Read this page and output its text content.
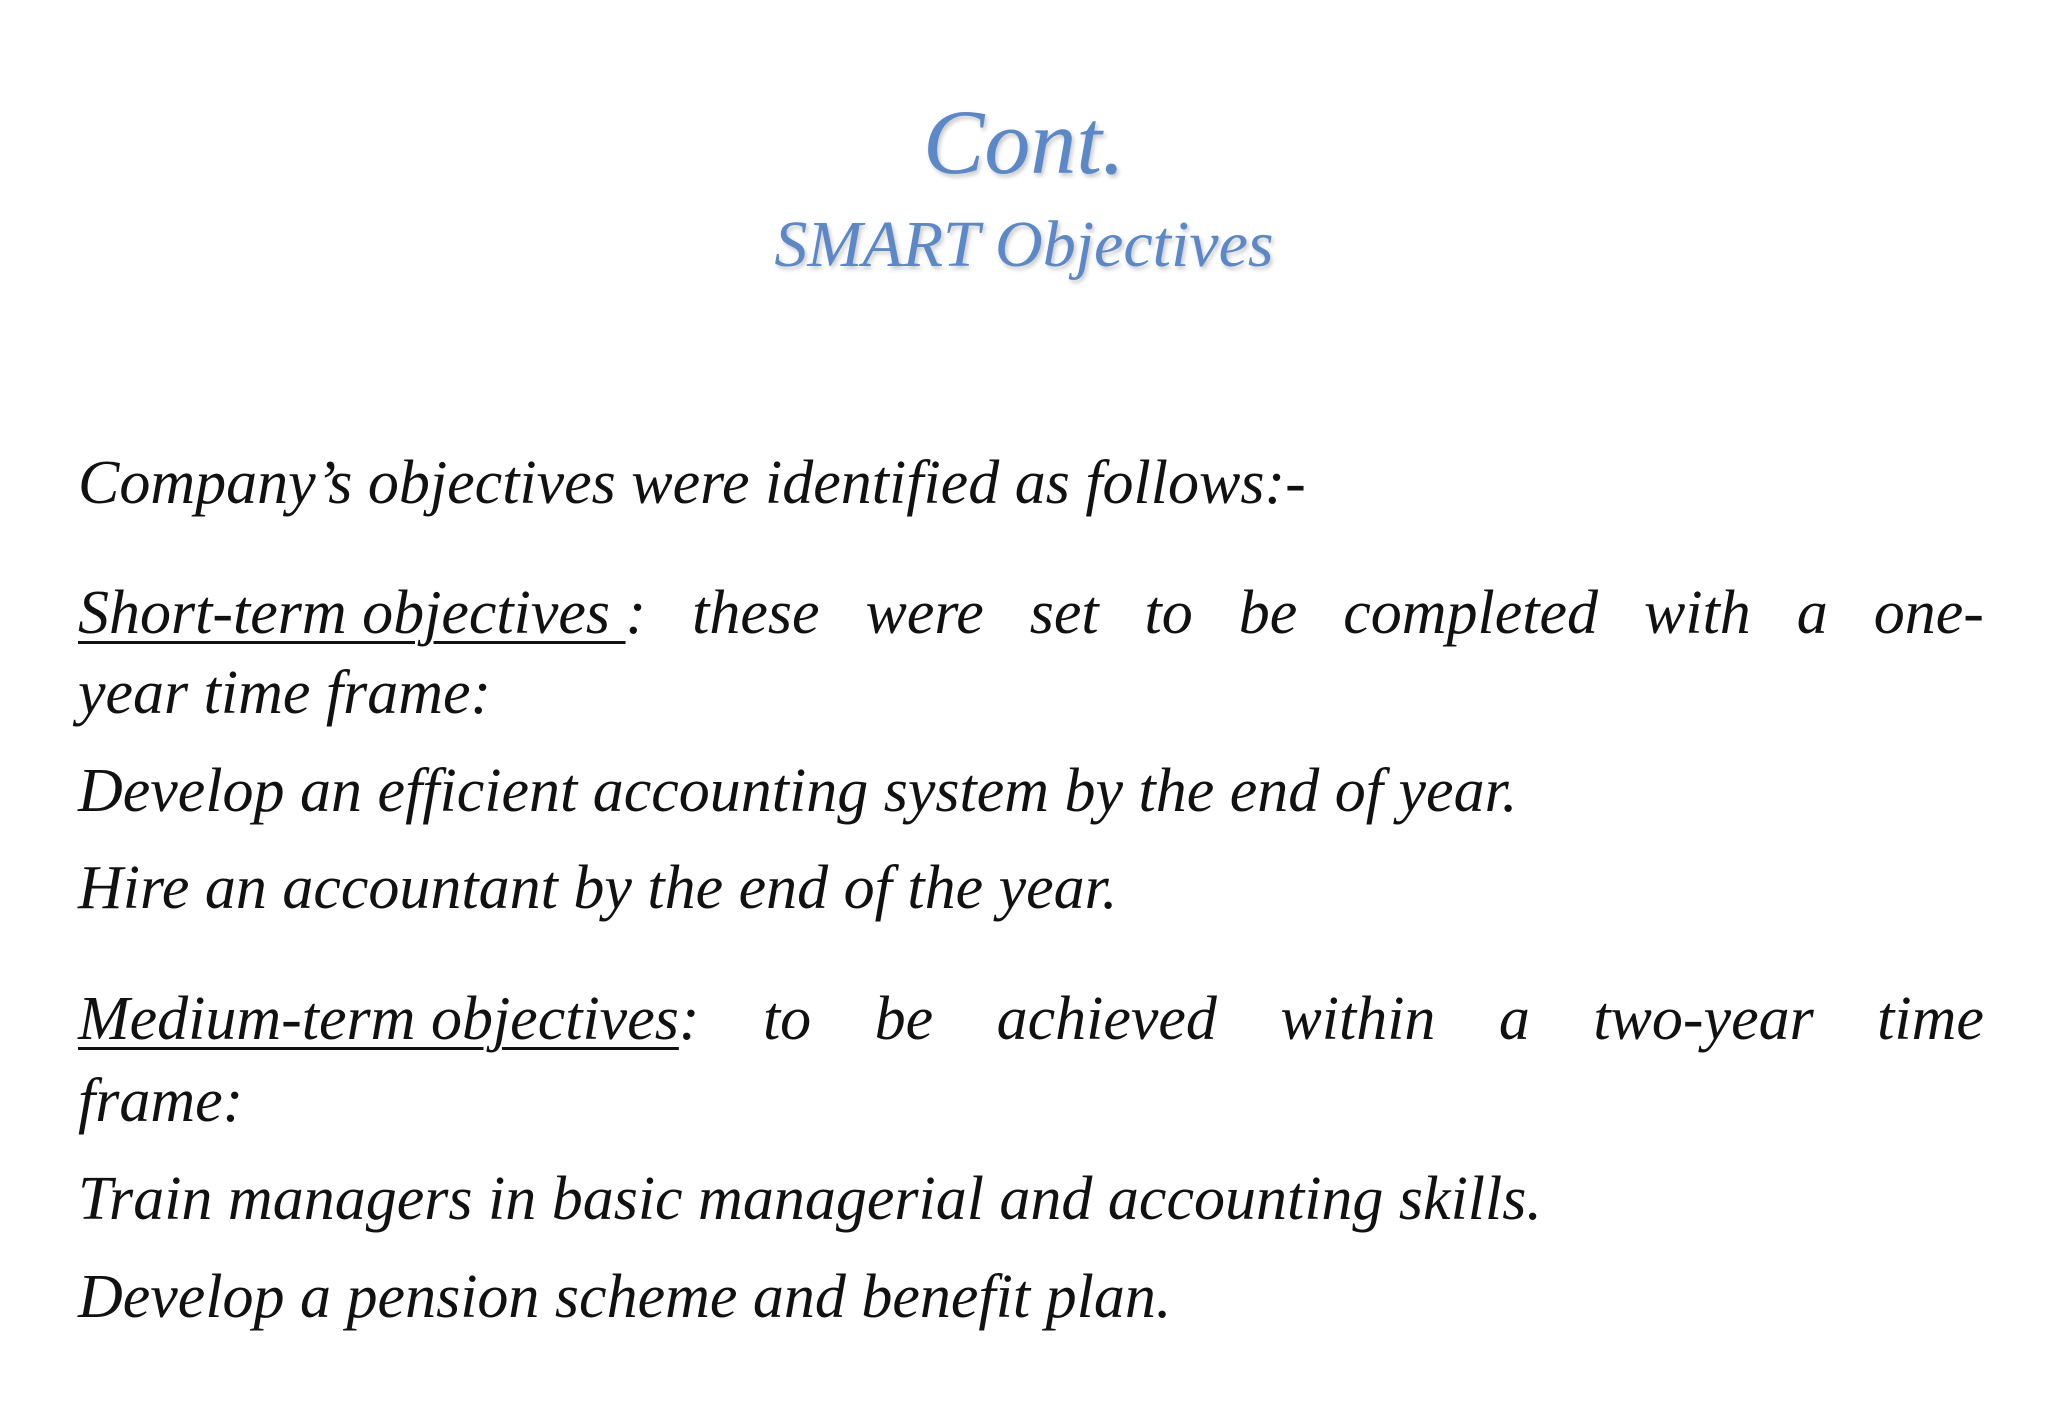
Cont.
SMART Objectives
Company’s objectives were identified as follows:-
Short-term objectives : these were set to be completed with a one-
year time frame:
Develop an efficient accounting system by the end of year.
Hire an accountant by the end of the year.
Medium-term objectives: to be achieved within a two-year time
frame:
Train managers in basic managerial and accounting skills.
Develop a pension scheme and benefit plan.
